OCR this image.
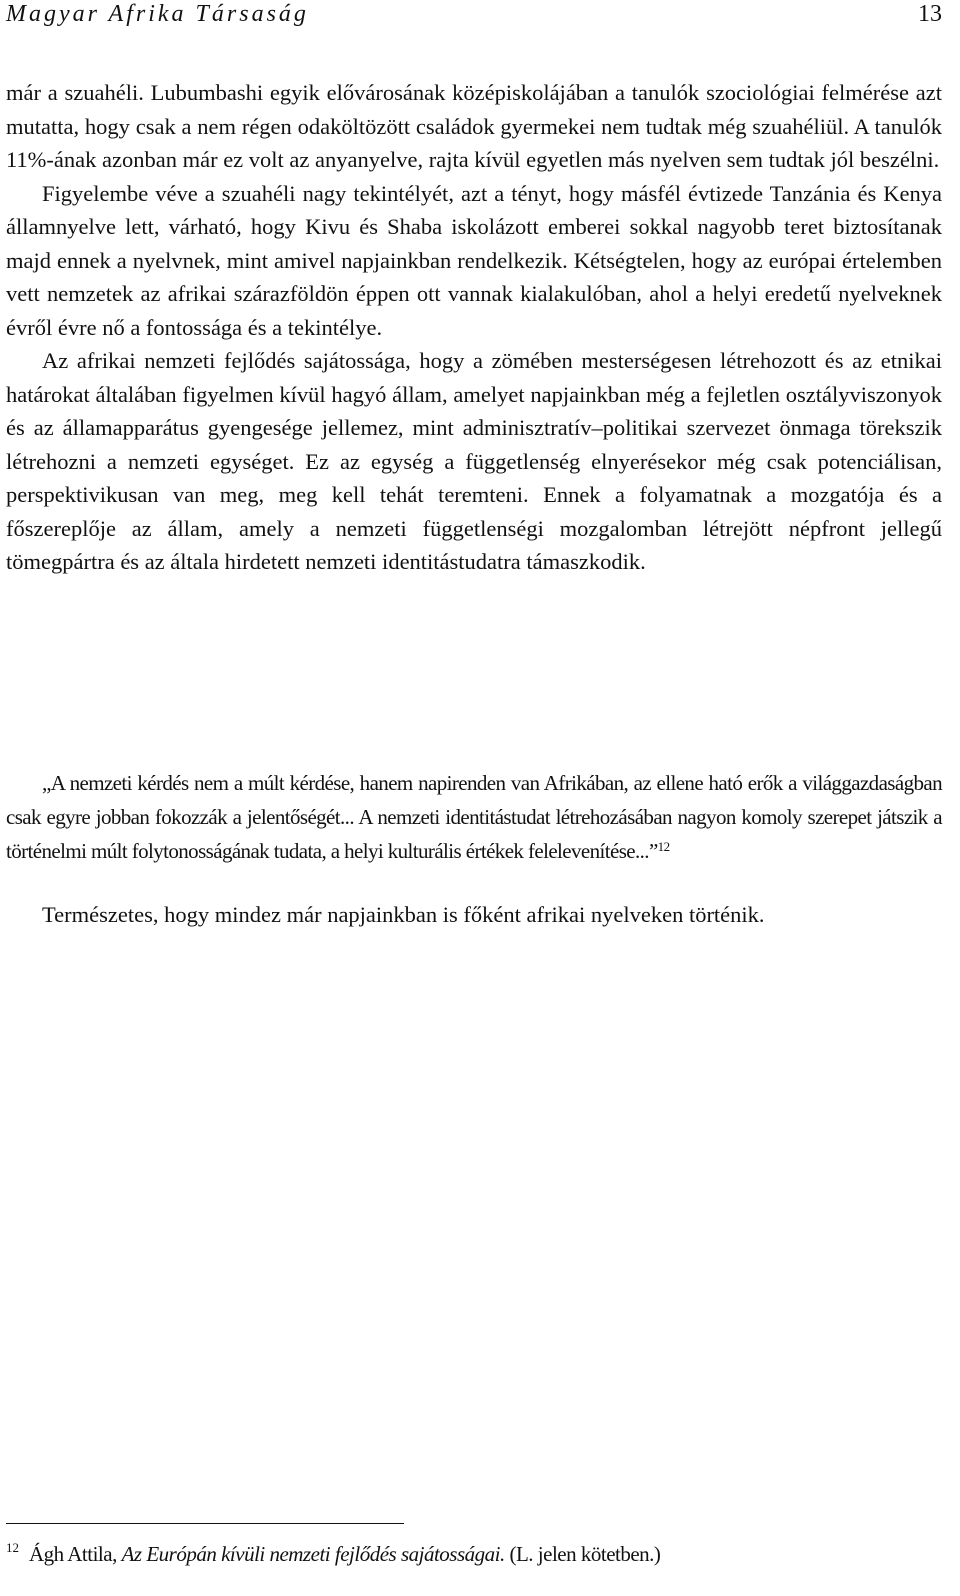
Magyar Afrika Társaság	13

már a szuahéli. Lubumbashi egyik elővárosának középiskolájában a tanulók szociológiai felmérése azt mutatta, hogy csak a nem régen odaköltözött családok gyermekei nem tudtak még szuahéliül. A tanulók 11%-ának azonban már ez volt az anyanyelve, rajta kívül egyetlen más nyelven sem tudtak jól beszélni.

Figyelembe véve a szuahéli nagy tekintélyét, azt a tényt, hogy másfél évtizede Tanzánia és Kenya államnyelve lett, várható, hogy Kivu és Shaba iskolázott emberei sokkal nagyobb teret biztosítanak majd ennek a nyelvnek, mint amivel napjainkban rendelkezik. Kétségtelen, hogy az európai értelemben vett nemzetek az afrikai szárazföldön éppen ott vannak kialakulóban, ahol a helyi eredetű nyelveknek évről évre nő a fontossága és a tekintélye.

Az afrikai nemzeti fejlődés sajátossága, hogy a zömében mesterségesen létrehozott és az etnikai határokat általában figyelmen kívül hagyó állam, amelyet napjainkban még a fejletlen osztályviszonyok és az államapparátus gyengesége jellemez, mint adminisztratív–politikai szervezet önmaga törekszik létrehozni a nemzeti egységet. Ez az egység a függetlenség elnyerésekor még csak potenciálisan, perspektivikusan van meg, meg kell tehát teremteni. Ennek a folyamatnak a mozgatója és a főszereplője az állam, amely a nemzeti függetlenségi mozgalomban létrejött népfront jellegű tömegpártra és az általa hirdetett nemzeti identitástudatra támaszkodik.

„A nemzeti kérdés nem a múlt kérdése, hanem napirenden van Afrikában, az ellene ható erők a világgazdaságban csak egyre jobban fokozzák a jelentőségét... A nemzeti identitástudat létrehozásában nagyon komoly szerepet játszik a történelmi múlt folytonosságának tudata, a helyi kulturális értékek felelevenítése...”$^{12}$

Természetes, hogy mindez már napjainkban is főként afrikai nyelveken történik.

$^{12}$ Ágh Attila, Az Európán kívüli nemzeti fejlődés sajátosságai. (L. jelen kötetben.)
